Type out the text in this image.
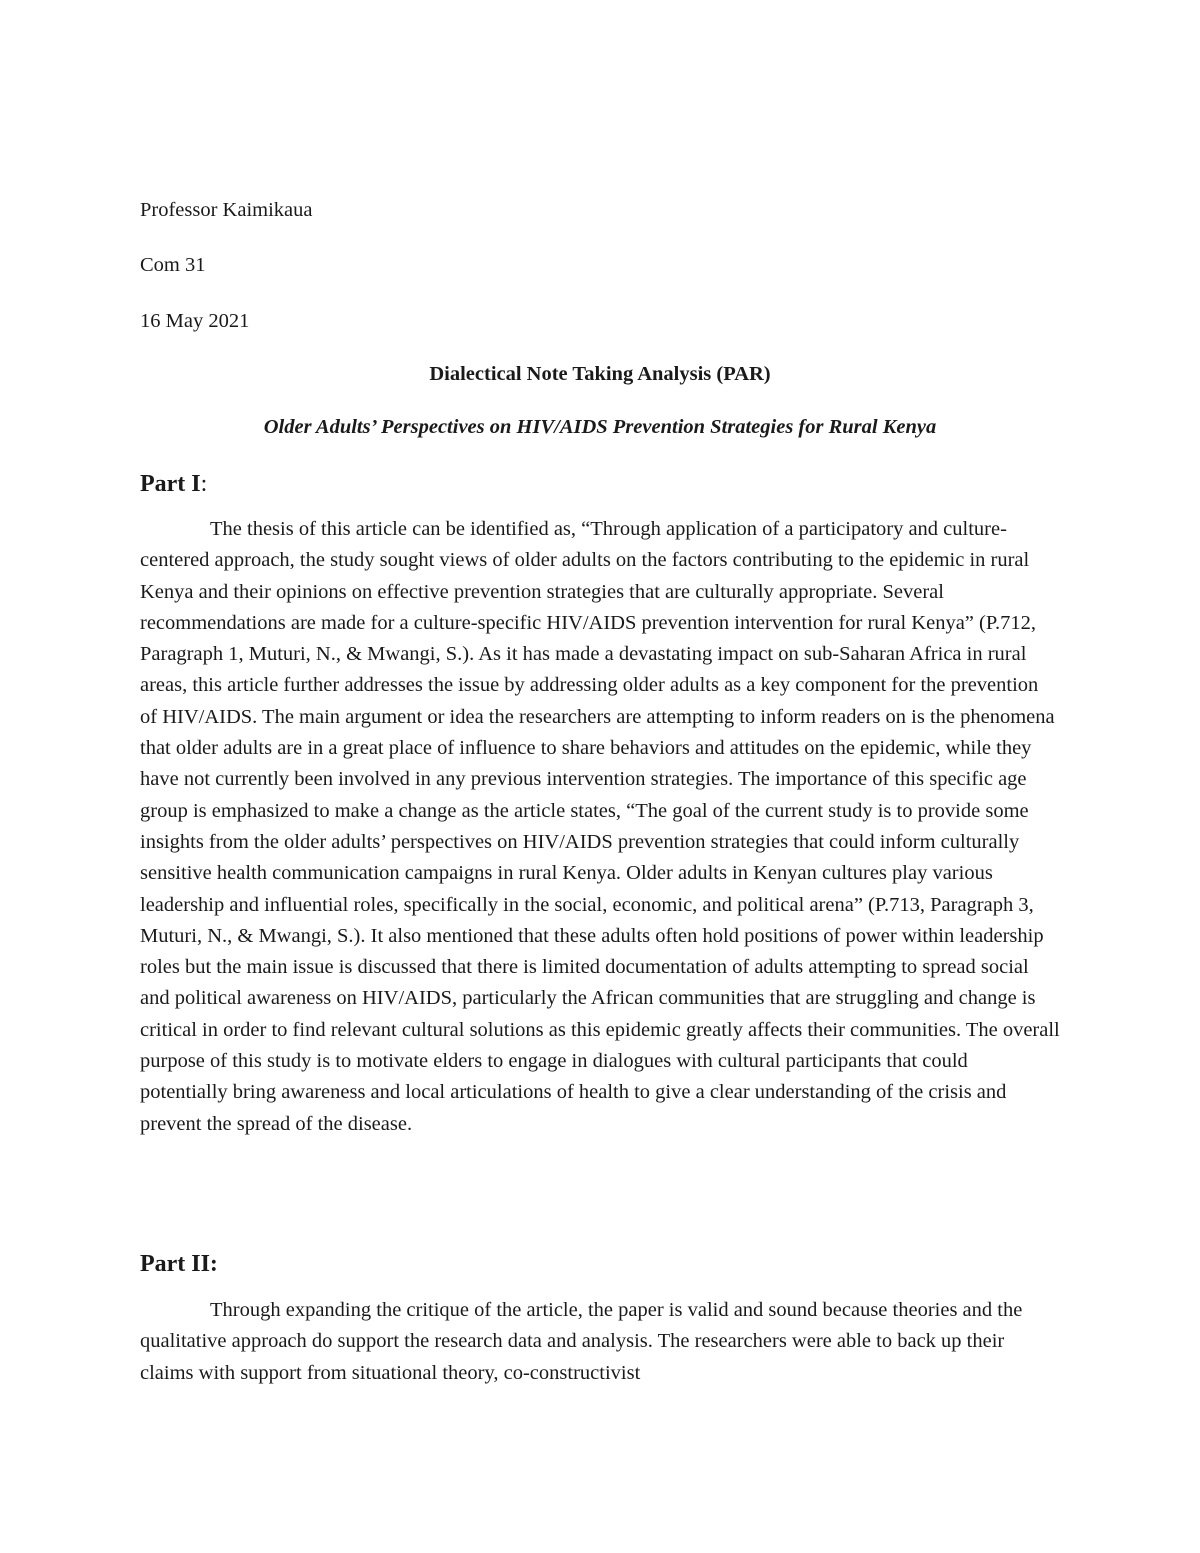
Professor Kaimikaua

Com 31

16 May 2021

Dialectical Note Taking Analysis (PAR)
Older Adults’ Perspectives on HIV/AIDS Prevention Strategies for Rural Kenya
Part I:

The thesis of this article can be identified as, “Through application of a participatory and culture-centered approach, the study sought views of older adults on the factors contributing to the epidemic in rural Kenya and their opinions on effective prevention strategies that are culturally appropriate. Several recommendations are made for a culture-specific HIV/AIDS prevention intervention for rural Kenya” (P.712, Paragraph 1, Muturi, N., & Mwangi, S.). As it has made a devastating impact on sub-Saharan Africa in rural areas, this article further addresses the issue by addressing older adults as a key component for the prevention of HIV/AIDS. The main argument or idea the researchers are attempting to inform readers on is the phenomena that older adults are in a great place of influence to share behaviors and attitudes on the epidemic, while they have not currently been involved in any previous intervention strategies. The importance of this specific age group is emphasized to make a change as the article states, “The goal of the current study is to provide some insights from the older adults’ perspectives on HIV/AIDS prevention strategies that could inform culturally sensitive health communication campaigns in rural Kenya. Older adults in Kenyan cultures play various leadership and influential roles, specifically in the social, economic, and political arena” (P.713, Paragraph 3, Muturi, N., & Mwangi, S.). It also mentioned that these adults often hold positions of power within leadership roles but the main issue is discussed that there is limited documentation of adults attempting to spread social and political awareness on HIV/AIDS, particularly the African communities that are struggling and change is critical in order to find relevant cultural solutions as this epidemic greatly affects their communities. The overall purpose of this study is to motivate elders to engage in dialogues with cultural participants that could potentially bring awareness and local articulations of health to give a clear understanding of the crisis and prevent the spread of the disease.

Part II:

Through expanding the critique of the article, the paper is valid and sound because theories and the qualitative approach do support the research data and analysis. The researchers were able to back up their claims with support from situational theory, co-constructivist
